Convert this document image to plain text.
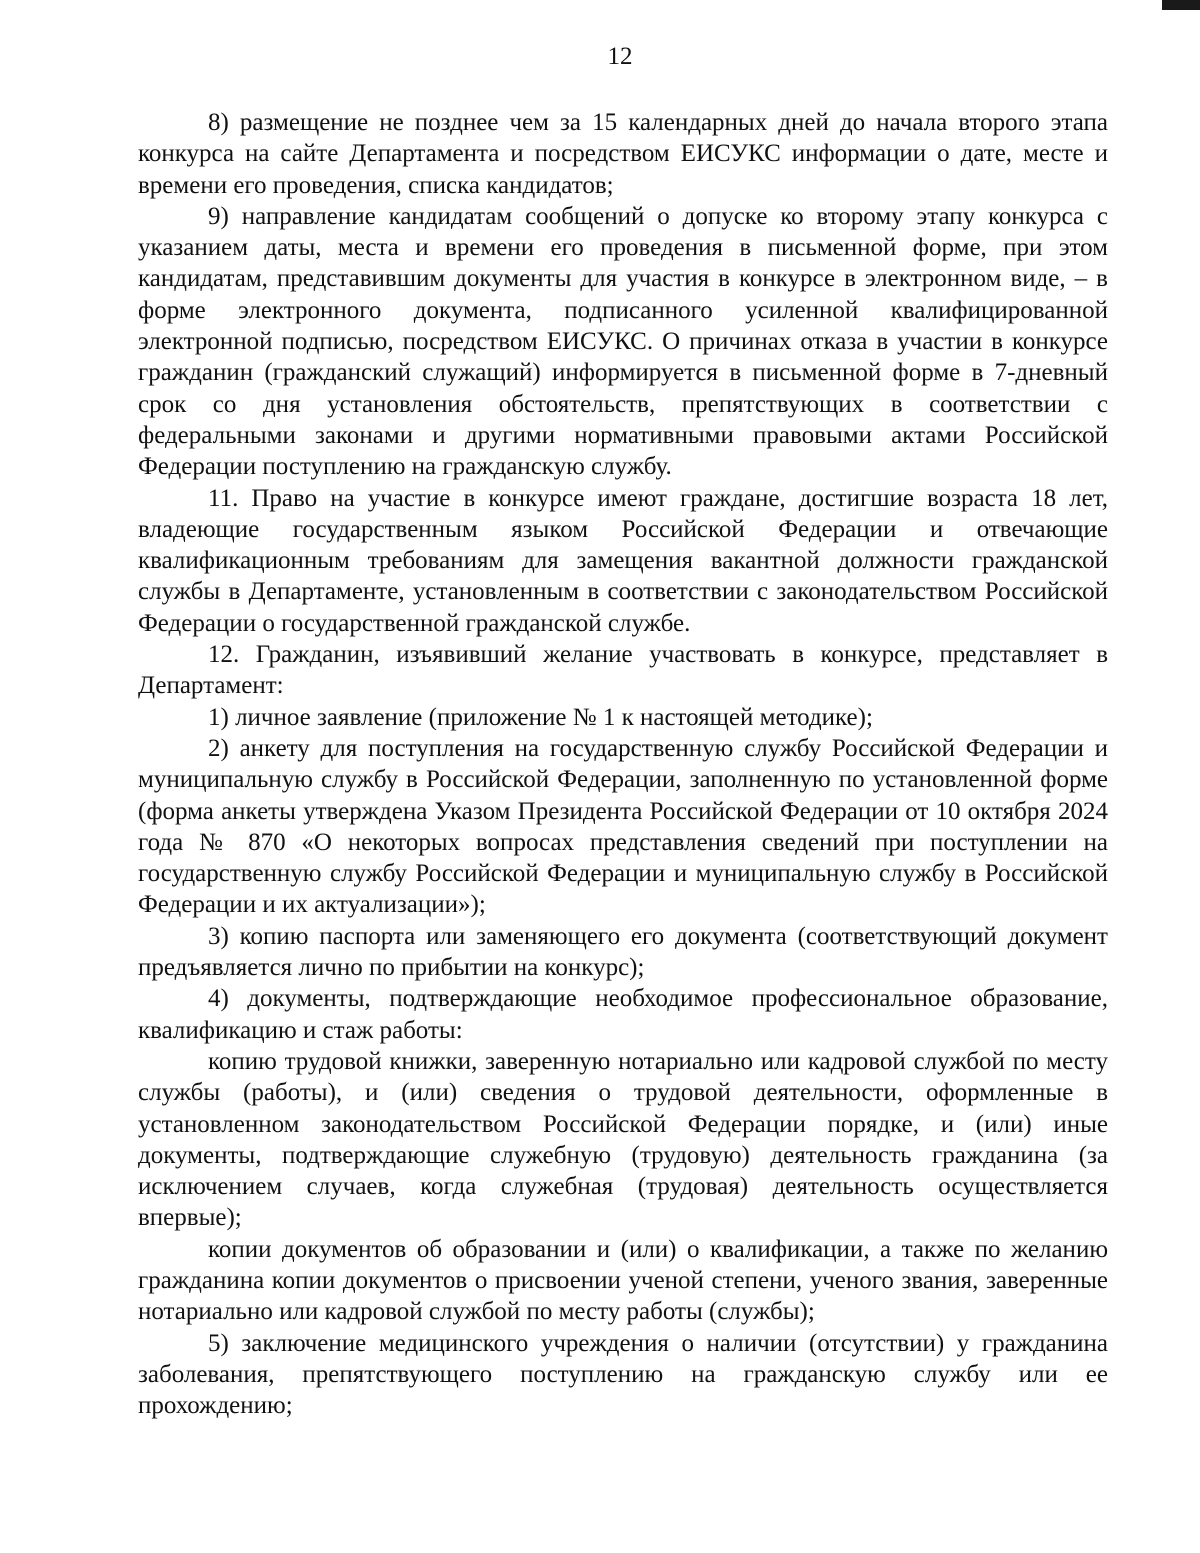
12

8) размещение не позднее чем за 15 календарных дней до начала второго этапа конкурса на сайте Департамента и посредством ЕИСУКС информации о дате, месте и времени его проведения, списка кандидатов;

9) направление кандидатам сообщений о допуске ко второму этапу конкурса с указанием даты, места и времени его проведения в письменной форме, при этом кандидатам, представившим документы для участия в конкурсе в электронном виде, – в форме электронного документа, подписанного усиленной квалифицированной электронной подписью, посредством ЕИСУКС. О причинах отказа в участии в конкурсе гражданин (гражданский служащий) информируется в письменной форме в 7-дневный срок со дня установления обстоятельств, препятствующих в соответствии с федеральными законами и другими нормативными правовыми актами Российской Федерации поступлению на гражданскую службу.

11. Право на участие в конкурсе имеют граждане, достигшие возраста 18 лет, владеющие государственным языком Российской Федерации и отвечающие квалификационным требованиям для замещения вакантной должности гражданской службы в Департаменте, установленным в соответствии с законодательством Российской Федерации о государственной гражданской службе.

12. Гражданин, изъявивший желание участвовать в конкурсе, представляет в Департамент:

1) личное заявление (приложение № 1 к настоящей методике);

2) анкету для поступления на государственную службу Российской Федерации и муниципальную службу в Российской Федерации, заполненную по установленной форме (форма анкеты утверждена Указом Президента Российской Федерации от 10 октября 2024 года № 870 «О некоторых вопросах представления сведений при поступлении на государственную службу Российской Федерации и муниципальную службу в Российской Федерации и их актуализации»);

3) копию паспорта или заменяющего его документа (соответствующий документ предъявляется лично по прибытии на конкурс);

4) документы, подтверждающие необходимое профессиональное образование, квалификацию и стаж работы:

копию трудовой книжки, заверенную нотариально или кадровой службой по месту службы (работы), и (или) сведения о трудовой деятельности, оформленные в установленном законодательством Российской Федерации порядке, и (или) иные документы, подтверждающие служебную (трудовую) деятельность гражданина (за исключением случаев, когда служебная (трудовая) деятельность осуществляется впервые);

копии документов об образовании и (или) о квалификации, а также по желанию гражданина копии документов о присвоении ученой степени, ученого звания, заверенные нотариально или кадровой службой по месту работы (службы);

5) заключение медицинского учреждения о наличии (отсутствии) у гражданина заболевания, препятствующего поступлению на гражданскую службу или ее прохождению;
